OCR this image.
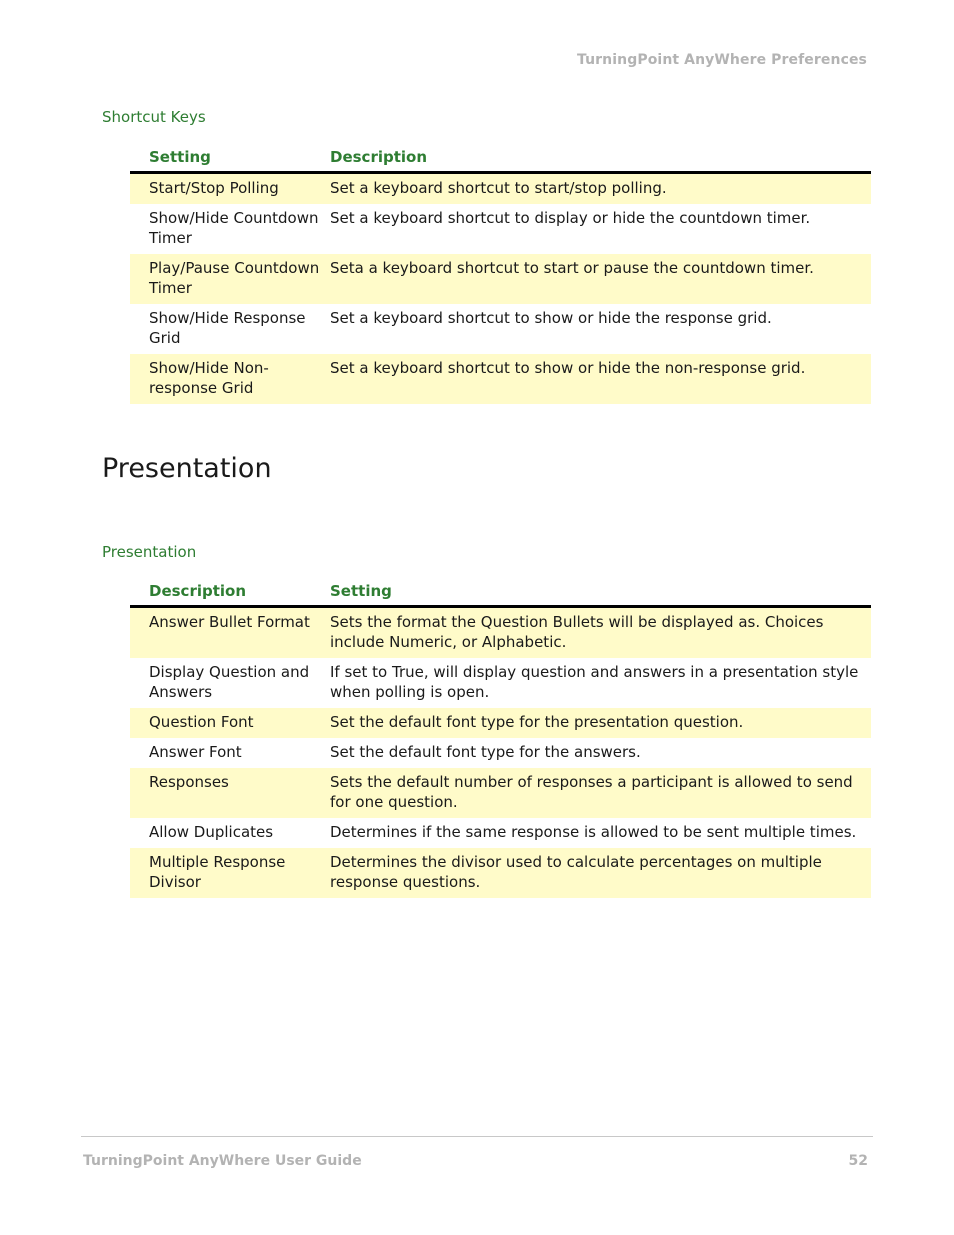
TurningPoint AnyWhere Preferences
Shortcut Keys
Setting	Description
Start/Stop Polling	Set a keyboard shortcut to start/stop polling.
Show/Hide Countdown Timer	Set a keyboard shortcut to display or hide the countdown timer.
Play/Pause Countdown Timer	Seta a keyboard shortcut to start or pause the countdown timer.
Show/Hide Response Grid	Set a keyboard shortcut to show or hide the response grid.
Show/Hide Non-response Grid	Set a keyboard shortcut to show or hide the non-response grid.
Presentation
Presentation
Description	Setting
Answer Bullet Format	Sets the format the Question Bullets will be displayed as. Choices include Numeric, or Alphabetic.
Display Question and Answers	If set to True, will display question and answers in a presentation style when polling is open.
Question Font	Set the default font type for the presentation question.
Answer Font	Set the default font type for the answers.
Responses	Sets the default number of responses a participant is allowed to send for one question.
Allow Duplicates	Determines if the same response is allowed to be sent multiple times.
Multiple Response Divisor	Determines the divisor used to calculate percentages on multiple response questions.
TurningPoint AnyWhere User Guide	52
